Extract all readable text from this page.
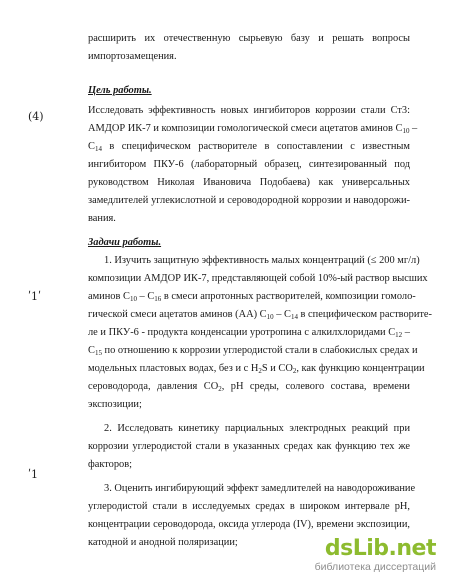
расширить их отечественную сырьевую базу и решать вопросы
импортозамещения.
Цель работы.
Исследовать эффективность новых ингибиторов коррозии стали Ст3:
АМДОР ИК-7 и композиции гомологической смеси ацетатов аминов $С_{10}$ –
$С_{14}$ в специфическом растворителе в сопоставлении с известным
ингибитором ПКУ-6 (лабораторный образец, синтезированный под
руководством Николая Ивановича Подобаева) как универсальных
замедлителей углекислотной и сероводородной коррозии и наводорожи-
вания.
Задачи работы.
1. Изучить защитную эффективность малых концентраций (≤ 200 мг/л)
композиции АМДОР ИК-7, представляющей собой 10%-ый раствор высших
аминов $С_{10} - C_{16}$ в смеси апротонных растворителей, композиции гомоло-
гической смеси ацетатов аминов (АА) $С_{10} - C_{14}$ в специфическом растворите-
ле и ПКУ-6 - продукта конденсации уротропина с алкилхлоридами $С_{12}$ –
$C_{15}$ по отношению к коррозии углеродистой стали в слабокислых средах и
модельных пластовых водах, без и с $H_2S$ и $CO_2$, как функцию концентрации
сероводорода, давления $CO_2$, pH среды, солевого состава, времени
экспозиции;
2. Исследовать кинетику парциальных электродных реакций при
коррозии углеродистой стали в указанных средах как функцию тех же
факторов;
3. Оценить ингибирующий эффект замедлителей на наводороживание
углеродистой стали в исследуемых средах в широком интервале pH,
концентрации сероводорода, оксида углерода (IV), времени экспозиции,
катодной и анодной поляризации;
(4)
ʹ1ʹ
ʹ1
dsLib.net
библиотека диссертаций
